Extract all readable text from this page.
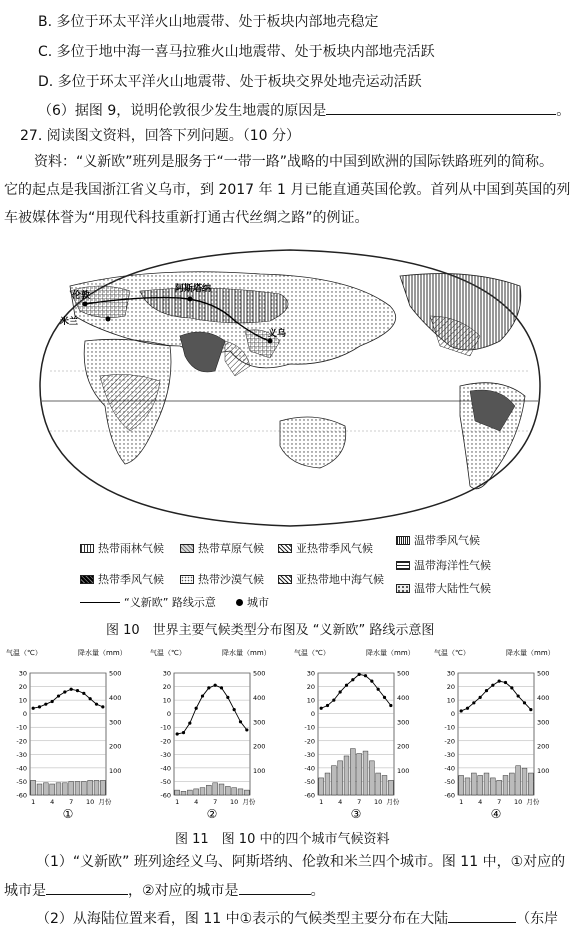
B. 多位于环太平洋火山地震带、处于板块内部地壳稳定
C. 多位于地中海一喜马拉雅火山地震带、处于板块内部地壳活跃
D. 多位于环太平洋火山地震带、处于板块交界处地壳运动活跃
（6）据图 9，说明伦敦很少发生地震的原因是	。
27. 阅读图文资料，回答下列问题。（10 分）
资料：“义新欧”班列是服务于“一带一路”战略的中国到欧洲的国际铁路班列的简称。
它的起点是我国浙江省义乌市，到 2017 年 1 月已能直通英国伦敦。首列从中国到英国的列
车被媒体誉为“用现代科技重新打通古代丝绸之路”的例证。
伦敦
米兰
阿斯塔纳
义乌
热带雨林气候	热带草原气候	亚热带季风气候
温带季风气候
温带海洋性气候
热带季风气候	热带沙漠气候	亚热带地中海气候
温带大陆性气候
“义新欧” 路线示意	城市
图 10　世界主要气候类型分布图及 “义新欧” 路线示意图
气温（℃）	降水量（mm）
30
20
10
0
-10
-20
-30
-40
-50
-60
500
400
300
200
100
1 4 7 10 月份
①
气温（℃）	降水量（mm）
30
20
10
0
-10
-20
-30
-40
-50
-60
500
400
300
200
100
1 4 7 10 月份
②
气温（℃）	降水量（mm）
30
20
10
0
-10
-20
-30
-40
-50
-60
500
400
300
200
100
1 4 7 10 月份
③
气温（℃）	降水量（mm）
30
20
10
0
-10
-20
-30
-40
-50
-60
500
400
300
200
100
1 4 7 10 月份
④
图 11　图 10 中的四个城市气候资料
（1）“义新欧” 班列途经义乌、阿斯塔纳、伦敦和米兰四个城市。图 11 中，①对应的
城市是	，②对应的城市是	。
（2）从海陆位置来看，图 11 中①表示的气候类型主要分布在大陆	（东岸
